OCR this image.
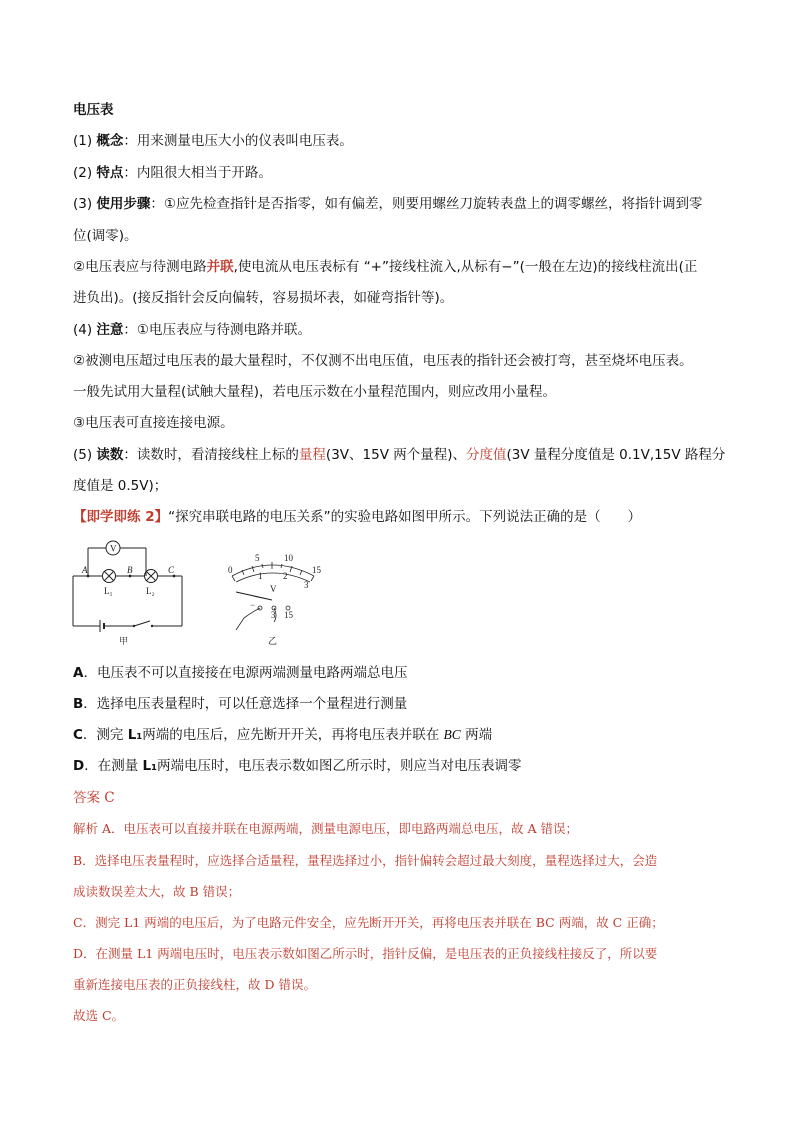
电压表
(1) 概念：用来测量电压大小的仪表叫电压表。
(2) 特点：内阻很大相当于开路。
(3) 使用步骤：①应先检查指针是否指零，如有偏差，则要用螺丝刀旋转表盘上的调零螺丝，将指针调到零
位(调零)。
②电压表应与待测电路并联,使电流从电压表标有 “+”接线柱流入,从标有−”(一般在左边)的接线柱流出(正
进负出)。(接反指针会反向偏转，容易损坏表，如碰弯指针等)。
(4) 注意：①电压表应与待测电路并联。
②被测电压超过电压表的最大量程时，不仅测不出电压值，电压表的指针还会被打弯，甚至烧坏电压表。
一般先试用大量程(试触大量程)，若电压示数在小量程范围内，则应改用小量程。
③电压表可直接连接电源。
(5) 读数：读数时，看清接线柱上标的量程(3V、15V 两个量程)、分度值(3V 量程分度值是 0.1V,15V 路程分
度值是 0.5V)；
【即学即练 2】“探究串联电路的电压关系”的实验电路如图甲所示。下列说法正确的是（　　）
V
A	B	C
L₁	L₂
甲
0
5	10
15
1 2
3
V
−
3 15
乙
A．电压表不可以直接接在电源两端测量电路两端总电压
B．选择电压表量程时，可以任意选择一个量程进行测量
C．测完 L₁两端的电压后，应先断开开关，再将电压表并联在 BC 两端
D．在测量 L₁两端电压时，电压表示数如图乙所示时，则应当对电压表调零
答案 C
解析 A．电压表可以直接并联在电源两端，测量电源电压，即电路两端总电压，故 A 错误；
B．选择电压表量程时，应选择合适量程，量程选择过小，指针偏转会超过最大刻度，量程选择过大，会造
成读数误差太大，故 B 错误；
C．测完 L1 两端的电压后，为了电路元件安全，应先断开开关，再将电压表并联在 BC 两端，故 C 正确；
D．在测量 L1 两端电压时，电压表示数如图乙所示时，指针反偏，是电压表的正负接线柱接反了，所以要
重新连接电压表的正负接线柱，故 D 错误。
故选 C。
